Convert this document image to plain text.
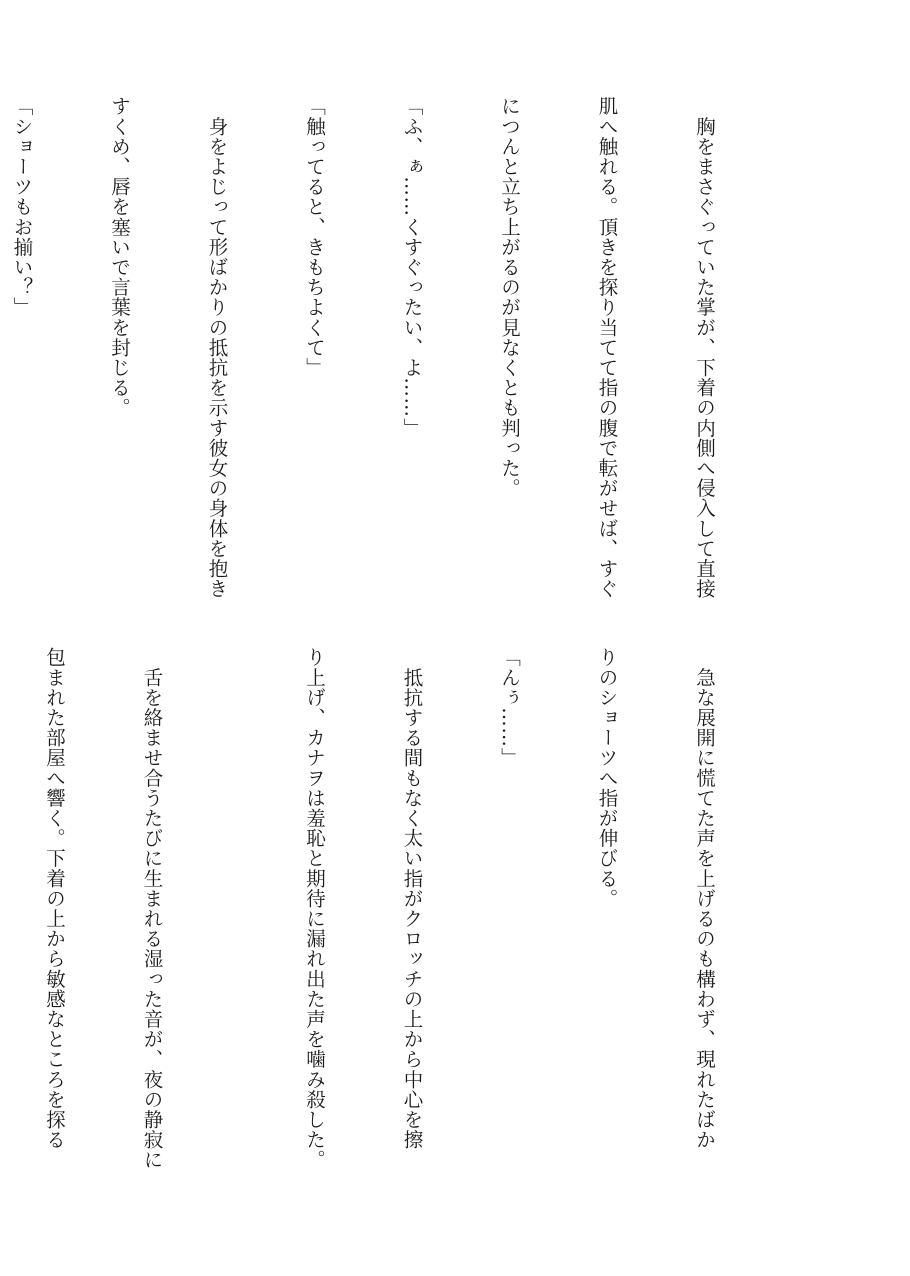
　胸をまさぐっていた掌が、下着の内側へ侵入して直接

肌へ触れる。頂きを探り当てて指の腹で転がせば、すぐ

につんと立ち上がるのが見なくとも判った。

「ふ、ぁ……くすぐったい、よ……」

「触ってると、きもちよくて」

　身をよじって形ばかりの抵抗を示す彼女の身体を抱き

すくめ、唇を塞いで言葉を封じる。

「ショーツもお揃い？」

　急な展開に慌てた声を上げるのも構わず、現れたばか

りのショーツへ指が伸びる。

「んぅ……」

　抵抗する間もなく太い指がクロッチの上から中心を擦

り上げ、カナヲは羞恥と期待に漏れ出た声を噛み殺した。

　舌を絡ませ合うたびに生まれる湿った音が、夜の静寂に

包まれた部屋へ響く。下着の上から敏感なところを探る
